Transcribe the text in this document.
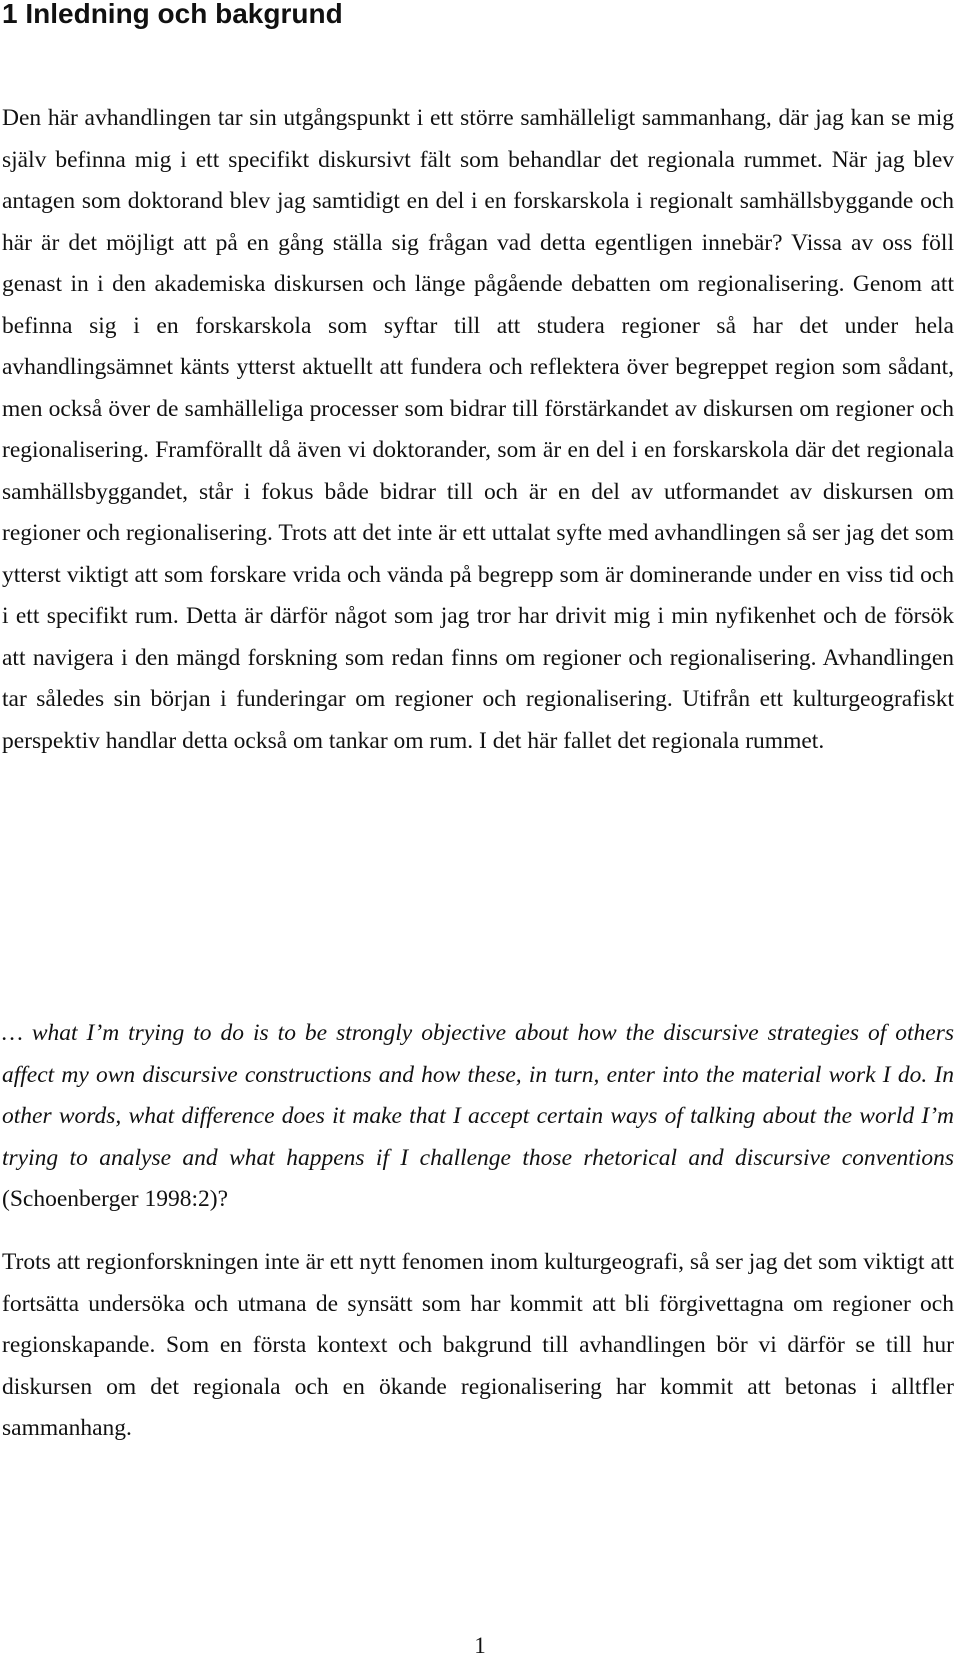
1 Inledning och bakgrund

Den här avhandlingen tar sin utgångspunkt i ett större samhälleligt sammanhang, där jag kan se mig själv befinna mig i ett specifikt diskursivt fält som behandlar det regionala rummet. När jag blev antagen som doktorand blev jag samtidigt en del i en forskarskola i regionalt samhällsbyggande och här är det möjligt att på en gång ställa sig frågan vad detta egentligen innebär? Vissa av oss föll genast in i den akademiska diskursen och länge pågående debatten om regionalisering. Genom att befinna sig i en forskarskola som syftar till att studera regioner så har det under hela avhandlingsämnet känts ytterst aktuellt att fundera och reflektera över begreppet region som sådant, men också över de samhälleliga processer som bidrar till förstärkandet av diskursen om regioner och regionalisering. Framförallt då även vi doktorander, som är en del i en forskarskola där det regionala samhällsbyggandet, står i fokus både bidrar till och är en del av utformandet av diskursen om regioner och regionalisering. Trots att det inte är ett uttalat syfte med avhandlingen så ser jag det som ytterst viktigt att som forskare vrida och vända på begrepp som är dominerande under en viss tid och i ett specifikt rum. Detta är därför något som jag tror har drivit mig i min nyfikenhet och de försök att navigera i den mängd forskning som redan finns om regioner och regionalisering. Avhandlingen tar således sin början i funderingar om regioner och regionalisering. Utifrån ett kulturgeografiskt perspektiv handlar detta också om tankar om rum. I det här fallet det regionala rummet.

… what I’m trying to do is to be strongly objective about how the discursive strategies of others affect my own discursive constructions and how these, in turn, enter into the material work I do. In other words, what difference does it make that I accept certain ways of talking about the world I’m trying to analyse and what happens if I challenge those rhetorical and discursive conventions (Schoenberger 1998:2)?

Trots att regionforskningen inte är ett nytt fenomen inom kulturgeografi, så ser jag det som viktigt att fortsätta undersöka och utmana de synsätt som har kommit att bli förgivettagna om regioner och regionskapande. Som en första kontext och bakgrund till avhandlingen bör vi därför se till hur diskursen om det regionala och en ökande regionalisering har kommit att betonas i alltfler sammanhang.

1
